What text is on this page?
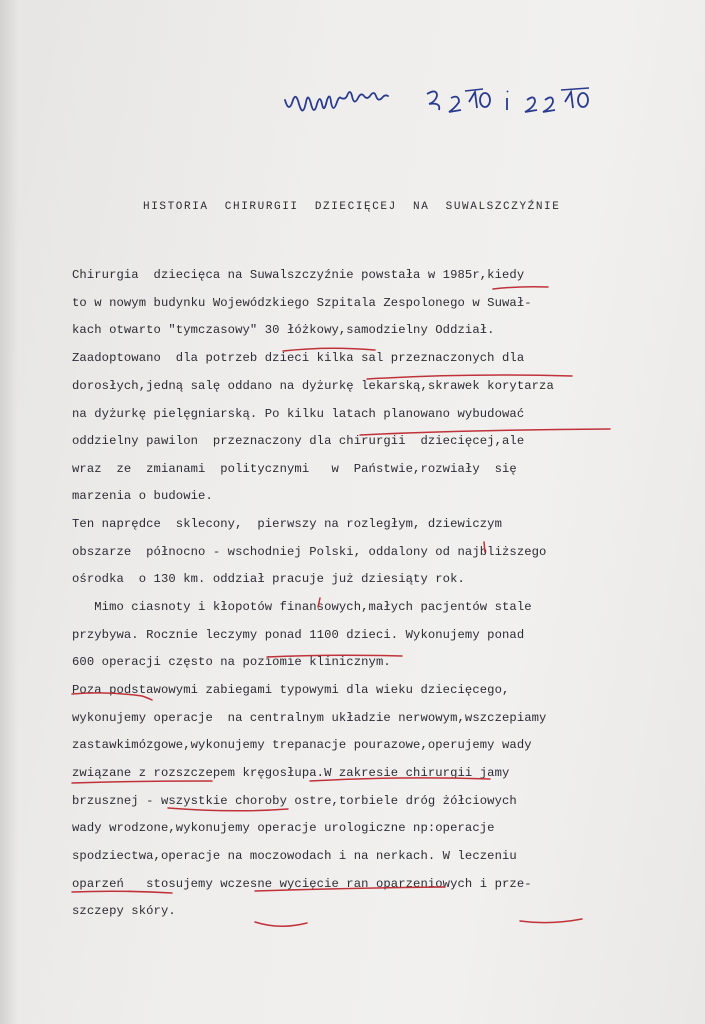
HISTORIA CHIRURGII DZIECIĘCEJ NA SUWALSZCZYŹNIE
Chirurgia  dziecięca na Suwalszczyźnie powstała w 1985r,kiedy
to w nowym budynku Wojewódzkiego Szpitala Zespolonego w Suwał-
kach otwarto "tymczasowy" 30 łóżkowy,samodzielny Oddział.
Zaadoptowano  dla potrzeb dzieci kilka sal przeznaczonych dla
dorosłych,jedną salę oddano na dyżurkę lekarską,skrawek korytarza
na dyżurkę pielęgniarską. Po kilku latach planowano wybudować
oddzielny pawilon  przeznaczony dla chirurgii  dziecięcej,ale
wraz  ze  zmianami  politycznymi   w  Państwie,rozwiały  się
marzenia o budowie.
Ten naprędce  sklecony,  pierwszy na rozległym, dziewiczym
obszarze  północno - wschodniej Polski, oddalony od najbliższego
ośrodka  o 130 km. oddział pracuje już dziesiąty rok.
Mimo ciasnoty i kłopotów finansowych,małych pacjentów stale
przybywa. Rocznie leczymy ponad 1100 dzieci. Wykonujemy ponad
600 operacji często na poziomie klinicznym.
Poza podstawowymi zabiegami typowymi dla wieku dziecięcego,
wykonujemy operacje  na centralnym układzie nerwowym,wszczepiamy
zastawkimózgowe,wykonujemy trepanacje pourazowe,operujemy wady
związane z rozszczepem kręgosłupa.W zakresie chirurgii jamy
brzusznej - wszystkie choroby ostre,torbiele dróg żółciowych
wady wrodzone,wykonujemy operacje urologiczne np:operacje
spodziectwa,operacje na moczowodach i na nerkach. W leczeniu
oparzeń   stosujemy wczesne wycięcie ran oparzeniowych i prze-
szczepy skóry.
